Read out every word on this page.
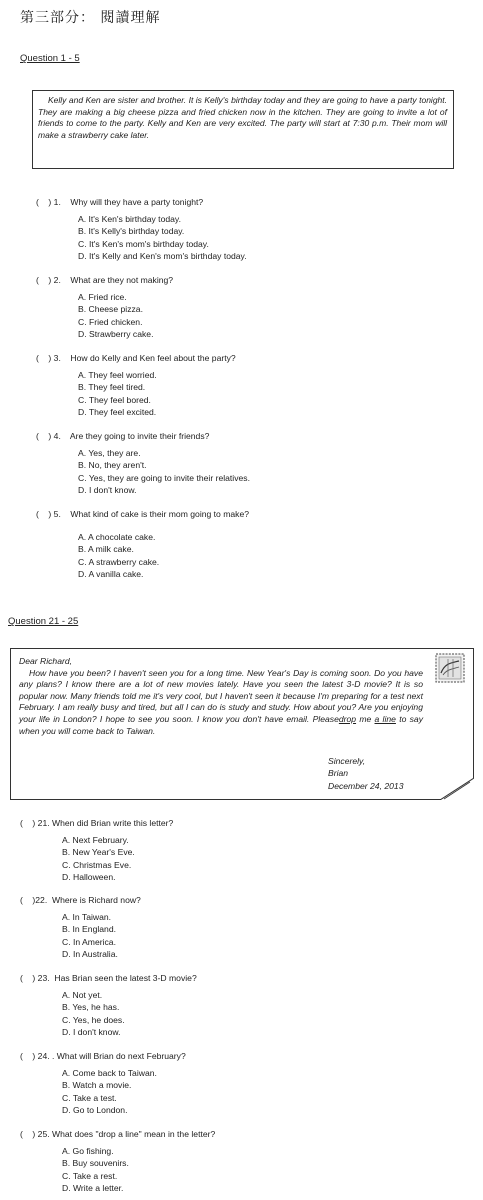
第三部分： 閱讀理解
Question 1 - 5

Kelly and Ken are sister and brother. It is Kelly's birthday today and they are going to have a party tonight. They are making a big cheese pizza and fried chicken now in the kitchen. They are going to invite a lot of friends to come to the party. Kelly and Ken are very excited. The party will start at 7:30 p.m. Their mom will make a strawberry cake later.

(    ) 1.    Why will they have a party tonight?
A. It's Ken's birthday today.
B. It's Kelly's birthday today.
C. It's Ken's mom's birthday today.
D. It's Kelly and Ken's mom's birthday today.
(    ) 2.    What are they not making?
A. Fried rice.
B. Cheese pizza.
C. Fried chicken.
D. Strawberry cake.
(    ) 3.    How do Kelly and Ken feel about the party?
A. They feel worried.
B. They feel tired.
C. They feel bored.
D. They feel excited.
(    ) 4.    Are they going to invite their friends?
A. Yes, they are.
B. No, they aren't.
C. Yes, they are going to invite their relatives.
D. I don't know.
(    ) 5.    What kind of cake is their mom going to make?
A. A chocolate cake.
B. A milk cake.
C. A strawberry cake.
D. A vanilla cake.
Question 21 - 25
Dear Richard,
How have you been? I haven't seen you for a long time. New Year's Day is coming soon. Do you have any plans? I know there are a lot of new movies lately. Have you seen the latest 3-D movie? It is so popular now. Many friends told me it's very cool, but I haven't seen it because I'm preparing for a test next February. I am really busy and tired, but all I can do is study and study. How about you? Are you enjoying your life in London? I hope to see you soon. I know you don't have email. Pleasedrop me a line to say when you will come back to Taiwan.
Sincerely,
Brian
December 24, 2013
(    ) 21. When did Brian write this letter?
A. Next February.
B. New Year's Eve.
C. Christmas Eve.
D. Halloween.
(    )22.  Where is Richard now?
A. In Taiwan.
B. In England.
C. In America.
D. In Australia.
(    ) 23.  Has Brian seen the latest 3-D movie?
A. Not yet.
B. Yes, he has.
C. Yes, he does.
D. I don't know.
(    ) 24. . What will Brian do next February?
A. Come back to Taiwan.
B. Watch a movie.
C. Take a test.
D. Go to London.
(    ) 25. What does "drop a line" mean in the letter?
A. Go fishing.
B. Buy souvenirs.
C. Take a rest.
D. Write a letter.
